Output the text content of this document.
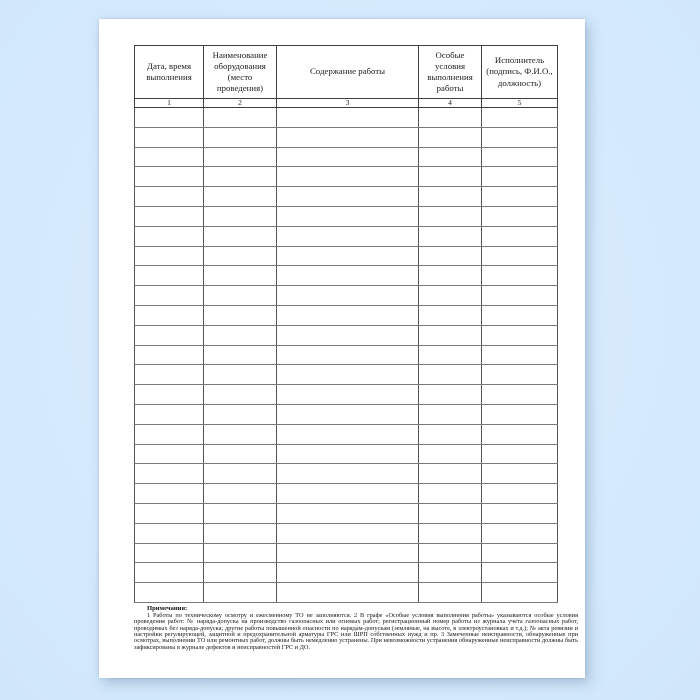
Дата, время выполнения	Наименование оборудования (место проведения)	Содержание работы	Особые условия выполнения работы	Исполнитель (подпись, Ф.И.О., должность)
1	2	3	4	5

Примечания:
1 Работы по техническому осмотру и ежесменному ТО не заполняются. 2 В графе «Особые условия выполнения работы» указываются особые условия проведения работ: № наряда-допуска на производство газоопасных или огневых работ; регистрационный номер работы из журнала учета газоопасных работ, проводимых без наряда-допуска; другие работы повышенной опасности по нарядам-допускам (земляные, на высоте, в электроустановках и т.д.); № акта ревизии и настройки регулирующей, защитной и предохранительной арматуры ГРС или ШРП собственных нужд и пр. 3 Замеченные неисправности, обнаруженные при осмотрах, выполнении ТО или ремонтных работ, должны быть немедленно устранены. При невозможности устранения обнаруженные неисправности должны быть зафиксированы в журнале дефектов и неисправностей ГРС и ДО.
